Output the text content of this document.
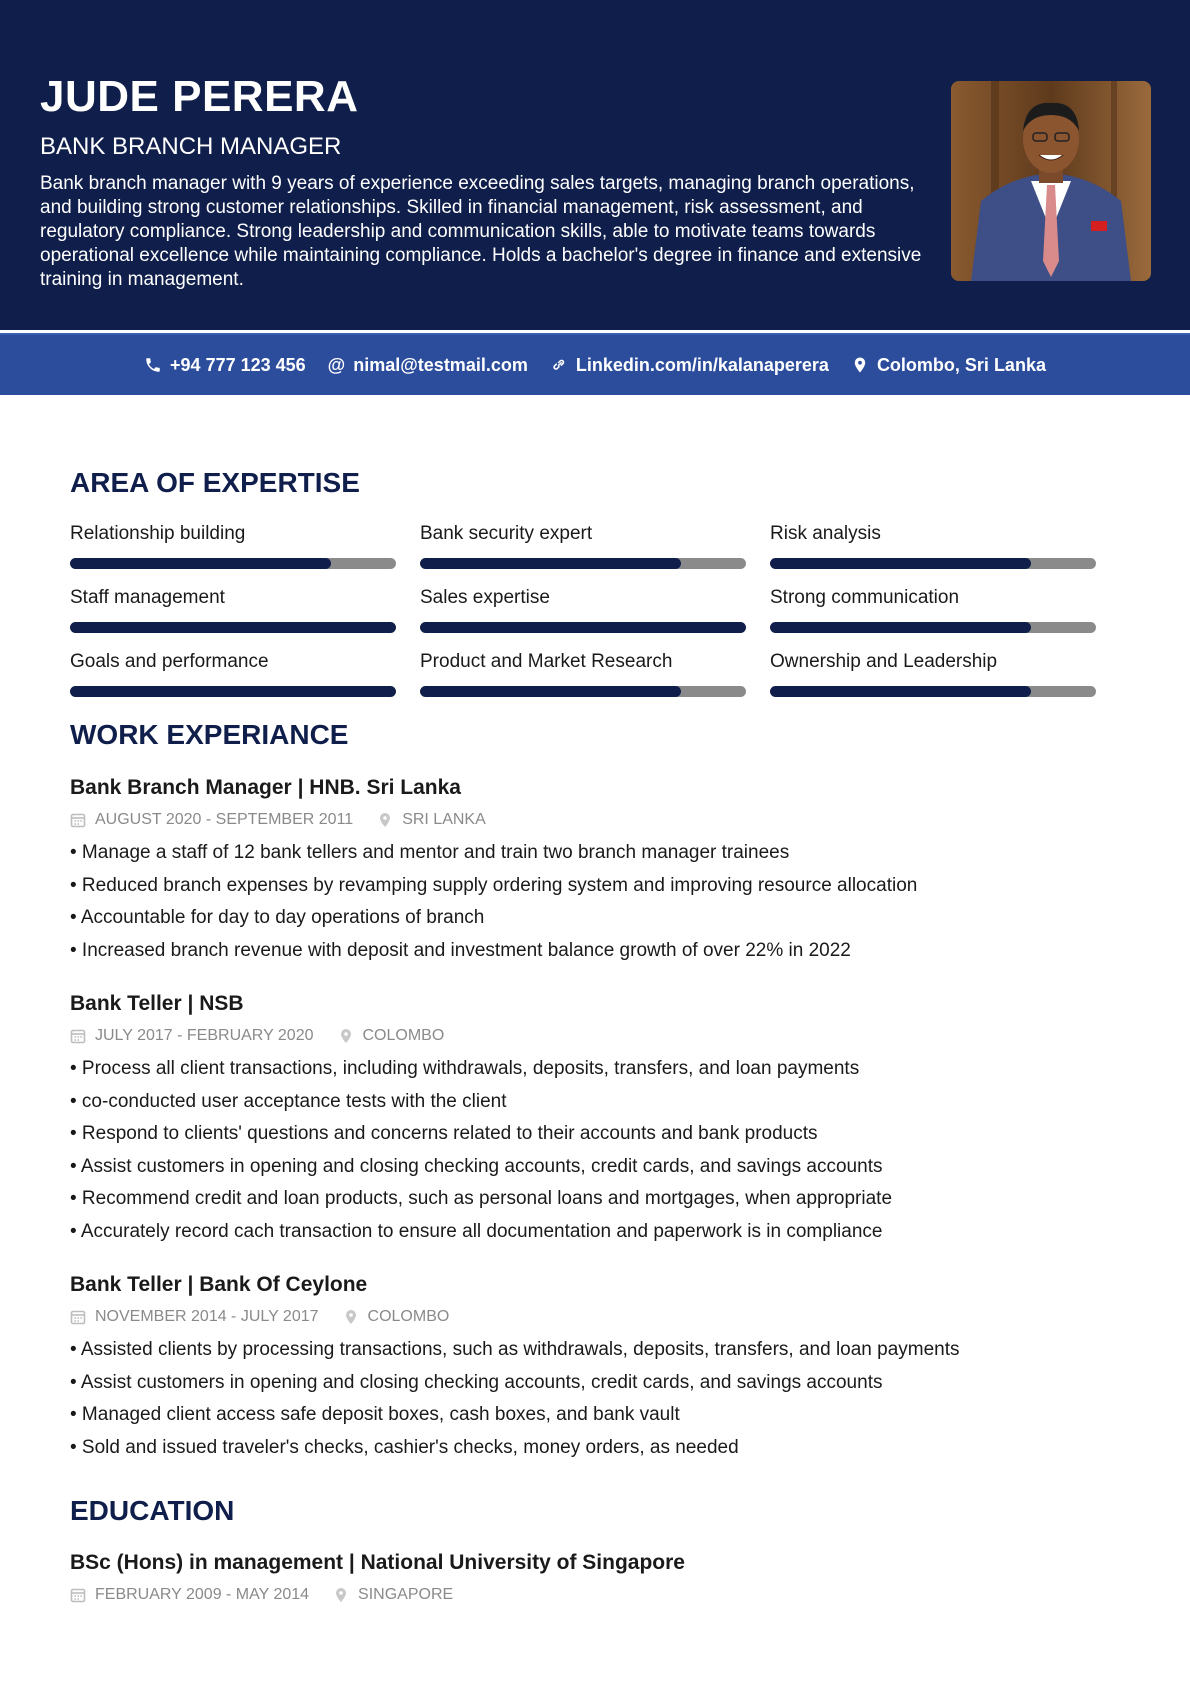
JUDE PERERA
BANK BRANCH MANAGER
Bank branch manager with 9 years of experience exceeding sales targets, managing branch operations, and building strong customer relationships. Skilled in financial management, risk assessment, and regulatory compliance. Strong leadership and communication skills, able to motivate teams towards operational excellence while maintaining compliance. Holds a bachelor's degree in finance and extensive training in management.
+94 777 123 456 @ nimal@testmail.com	Linkedin.com/in/kalanaperera	Colombo, Sri Lanka
AREA OF EXPERTISE
Relationship building	Bank security expert	Risk analysis
Staff management	Sales expertise	Strong communication
Goals and performance	Product and Market Research	Ownership and Leadership
WORK EXPERIANCE
Bank Branch Manager | HNB. Sri Lanka
AUGUST 2020 - SEPTEMBER 2011	SRI LANKA
• Manage a staff of 12 bank tellers and mentor and train two branch manager trainees
• Reduced branch expenses by revamping supply ordering system and improving resource allocation
• Accountable for day to day operations of branch
• Increased branch revenue with deposit and investment balance growth of over 22% in 2022
Bank Teller | NSB
JULY 2017 - FEBRUARY 2020	COLOMBO
• Process all client transactions, including withdrawals, deposits, transfers, and loan payments
• co-conducted user acceptance tests with the client
• Respond to clients' questions and concerns related to their accounts and bank products
• Assist customers in opening and closing checking accounts, credit cards, and savings accounts
• Recommend credit and loan products, such as personal loans and mortgages, when appropriate
• Accurately record cach transaction to ensure all documentation and paperwork is in compliance
Bank Teller | Bank Of Ceylone
NOVEMBER 2014 - JULY 2017	COLOMBO
• Assisted clients by processing transactions, such as withdrawals, deposits, transfers, and loan payments
• Assist customers in opening and closing checking accounts, credit cards, and savings accounts
• Managed client access safe deposit boxes, cash boxes, and bank vault
• Sold and issued traveler's checks, cashier's checks, money orders, as needed
EDUCATION
BSc (Hons) in management | National University of Singapore
FEBRUARY 2009 - MAY 2014	SINGAPORE
